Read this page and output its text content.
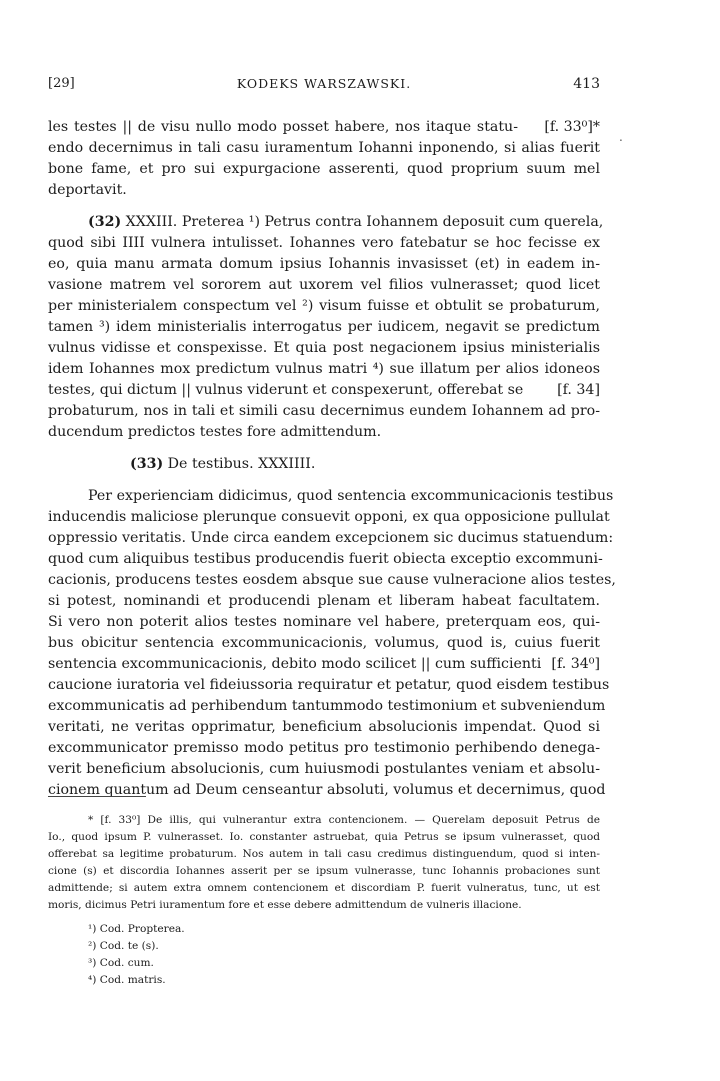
[29]	KODEKS WARSZAWSKI.	413
.
les testes || de visu nullo modo posset habere, nos itaque statu- [f. 33⁰]*
endo decernimus in tali casu iuramentum Iohanni inponendo, si alias fuerit
bone fame, et pro sui expurgacione asserenti, quod proprium suum mel
deportavit.
(32) XXXIII. Preterea ¹) Petrus contra Iohannem deposuit cum querela,
quod sibi IIII vulnera intulisset. Iohannes vero fatebatur se hoc fecisse ex
eo, quia manu armata domum ipsius Iohannis invasisset (et) in eadem in-
vasione matrem vel sororem aut uxorem vel filios vulnerasset; quod licet
per ministerialem conspectum vel ²) visum fuisse et obtulit se probaturum,
tamen ³) idem ministerialis interrogatus per iudicem, negavit se predictum
vulnus vidisse et conspexisse. Et quia post negacionem ipsius ministerialis
idem Iohannes mox predictum vulnus matri ⁴) sue illatum per alios idoneos
testes, qui dictum || vulnus viderunt et conspexerunt, offerebat se [f. 34]
probaturum, nos in tali et simili casu decernimus eundem Iohannem ad pro-
ducendum predictos testes fore admittendum.
(33) De testibus. XXXIIII.
Per experienciam didicimus, quod sentencia excommunicacionis testibus
inducendis maliciose plerunque consuevit opponi, ex qua opposicione pullulat
oppressio veritatis. Unde circa eandem excepcionem sic ducimus statuendum:
quod cum aliquibus testibus producendis fuerit obiecta exceptio excommuni-
cacionis, producens testes eosdem absque sue cause vulneracione alios testes,
si potest, nominandi et producendi plenam et liberam habeat facultatem.
Si vero non poterit alios testes nominare vel habere, preterquam eos, qui-
bus obicitur sentencia excommunicacionis, volumus, quod is, cuius fuerit
sentencia excommunicacionis, debito modo scilicet || cum sufficienti [f. 34⁰]
caucione iuratoria vel fideiussoria requiratur et petatur, quod eisdem testibus
excommunicatis ad perhibendum tantummodo testimonium et subveniendum
veritati, ne veritas opprimatur, beneficium absolucionis impendat. Quod si
excommunicator premisso modo petitus pro testimonio perhibendo denega-
verit beneficium absolucionis, cum huiusmodi postulantes veniam et absolu-
cionem quantum ad Deum censeantur absoluti, volumus et decernimus, quod
* [f. 33⁰] De illis, qui vulnerantur extra contencionem. — Querelam deposuit Petrus de
Io., quod ipsum P. vulnerasset. Io. constanter astruebat, quia Petrus se ipsum vulnerasset, quod
offerebat sa legitime probaturum. Nos autem in tali casu credimus distinguendum, quod si inten-
cione (s) et discordia Iohannes asserit per se ipsum vulnerasse, tunc Iohannis probaciones sunt
admittende; si autem extra omnem contencionem et discordiam P. fuerit vulneratus, tunc, ut est
moris, dicimus Petri iuramentum fore et esse debere admittendum de vulneris illacione.
¹) Cod. Propterea.
²) Cod. te (s).
³) Cod. cum.
⁴) Cod. matris.
